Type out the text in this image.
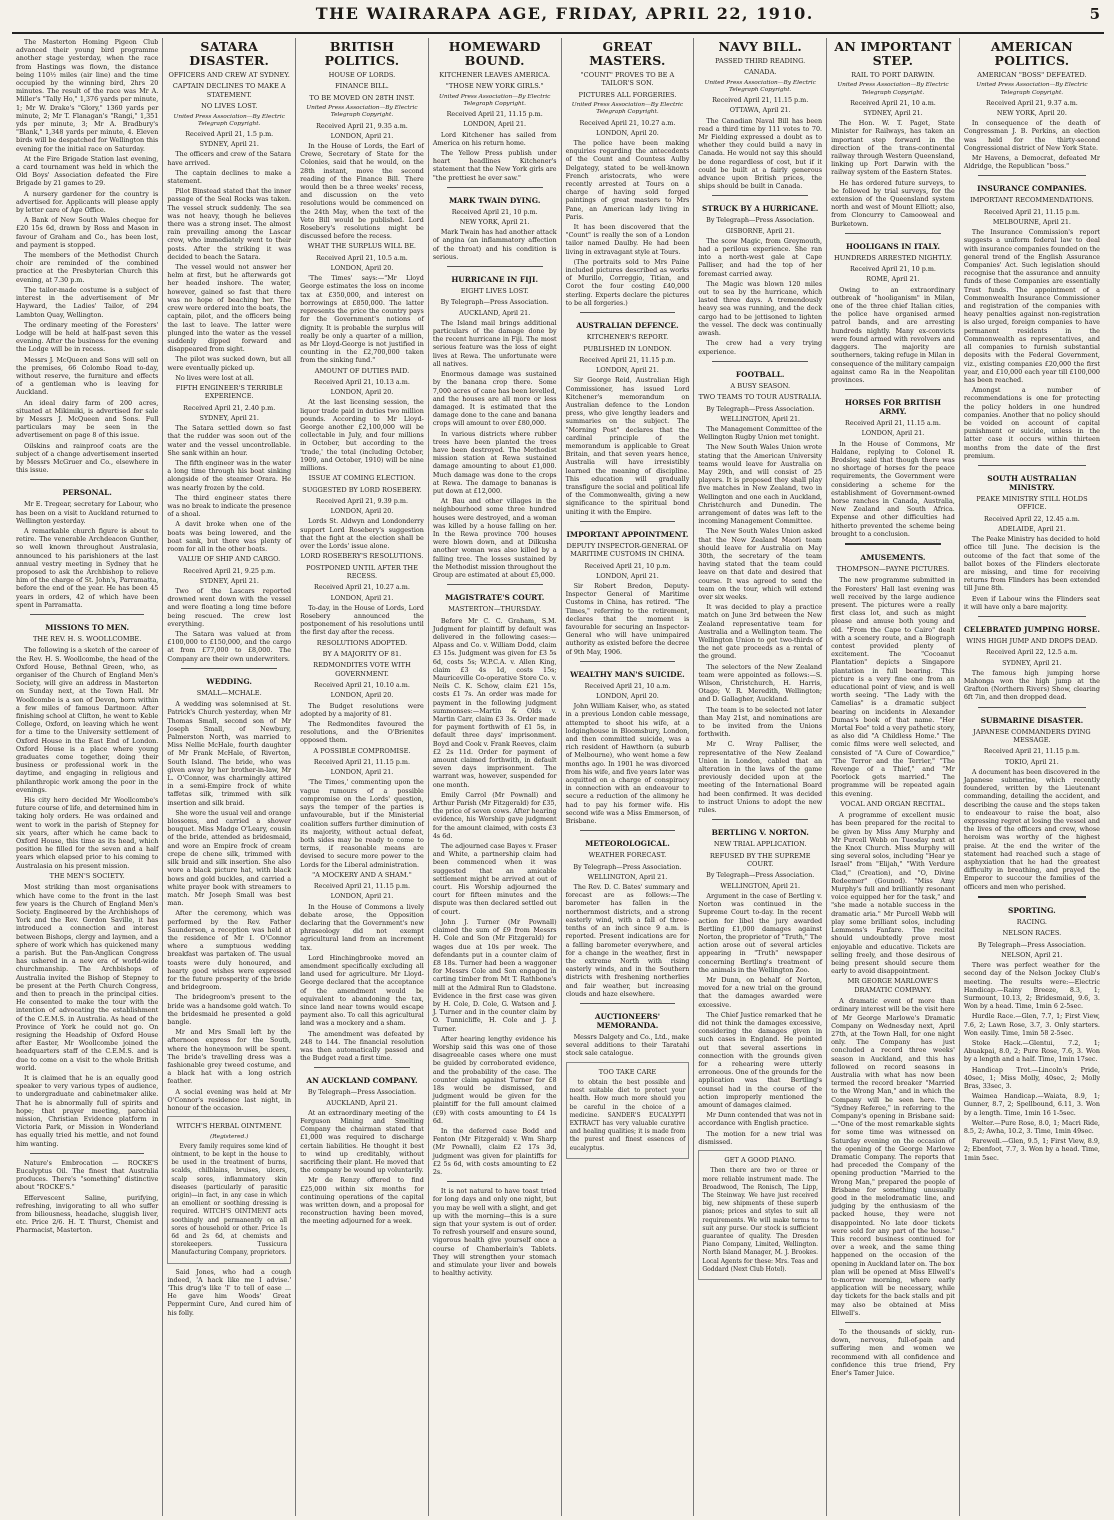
THE WAIRARAPA AGE, FRIDAY, APRIL 22, 1910.	5

The Masterton Homing Pigeon Club advanced their young bird programme another stage yesterday, when the race from Hastings was flown, the distance being 110½ miles (air line) and the time occupied by the winning bird, 2hrs 20 minutes. The result of the race was Mr A. Miller's "Tally Ho," 1,376 yards per minute, 1; Mr W. Drake's "Glory," 1360 yards per minute, 2; Mr T. Flanagan's "Rangi," 1,351 yds per minute, 3; Mr A. Bradbury's "Blank," 1,348 yards per minute, 4. Eleven birds will be despatched for Wellington this evening for the initial race on Saturday.

At the Fire Brigade Station last evening, a card tournament was held in which the Old Boys' Association defeated the Fire Brigade by 21 games to 29.

A nursery gardener for the country is advertised for. Applicants will please apply by letter care of Age Office.

A Bank of New South Wales cheque for £20 15s 6d, drawn by Ross and Mason in favour of Graham and Co., has been lost, and payment is stopped.

The members of the Methodist Church choir are reminded of the combined practice at the Presbyterian Church this evening, at 7.30 p.m.

The tailor-made costume is a subject of interest in the advertisement of Mr Hayward, the Ladies' Tailor, of 294 Lambton Quay, Wellington.

The ordinary meeting of the Foresters' Lodge will be held at half-past seven this evening. After the business for the evening the Lodge will be in recess.

Messrs J. McQueen and Sons will sell on the premises, 66 Colombo Road to-day, without reserve, the furniture and effects of a gentleman who is leaving for Auckland.

An ideal dairy farm of 200 acres, situated at Mikimiki, is advertised for sale by Messrs J. McQueen and Sons. Full particulars may be seen in the advertisement on page 8 of this issue.

Oilskins and rainproof coats are the subject of a change advertisement inserted by Messrs McGruer and Co., elsewhere in this issue.

PERSONAL.

Mr E. Tregear, secretary for Labour, who has been on a visit to Auckland returned to Wellington yesterday.

A remarkable church figure is about to retire. The venerable Archdeacon Gunther, so well known throughout Australasia, announced to his parishioners at the last annual vestry meeting in Sydney that he proposed to ask the Archbishop to relieve him of the charge of St. John's, Parramatta, before the end of the year. He has been 45 years in orders, 42 of which have been spent in Parramatta.

MISSIONS TO MEN.
THE REV. H. S. WOOLLCOMBE.

The following is a sketch of the career of the Rev. H. S. Woollcombe, the head of the Oxford House, Bethnal Green, who, as organiser of the Church of England Men's Society, will give an address in Masterton on Sunday next, at the Town Hall. Mr Woollcombe is a son of Devon, born within a few miles of famous Dartmoor. After finishing school at Clifton, he went to Keble College, Oxford, on leaving which he went for a time to the University settlement of Oxford House in the East End of London. Oxford House is a place where young graduates come together, doing their business or professional work in the daytime, and engaging in religious and philanthropic work among the poor in the evenings.

His city hero decided Mr Woollcombe's future course of life, and determined him in taking holy orders. He was ordained and went to work in the parish of Stepney for six years, after which he came back to Oxford House, this time as its head, which position he filled for the seven and a half years which elapsed prior to his coming to Australasia on his present mission.

THE MEN'S SOCIETY.

Most striking than most organisations which have come to the front in the last few years is the Church of England Men's Society. Engineered by the Archbishops of York and the Rev. Gordon Saville, it has introduced a connection and interest between Bishops, clergy and laymen, and a sphere of work which has quickened many a parish. But the Pan-Anglican Congress has ushered in a new era of world-wide churchmanship. The Archbishops of Australia invited the Bishop of Stepney to be present at the Perth Church Congress, and then to preach in the principal cities. He consented to make the tour with the intention of advocating the establishment of the C.E.M.S. in Australia. As head of the Province of York he could not go. On resigning the Headship of Oxford House after Easter, Mr Woollcombe joined the headquarters staff of the C.E.M.S. and is due to come on a visit to the whole British world.

It is claimed that he is an equally good speaker to very various types of audience, to undergraduate and cabinetmaker alike. That he is abnormally full of spirits and hope; that prayer meeting, parochial mission, Christian Evidence platform in Victoria Park, or Mission in Wonderland has equally tried his mettle, and not found him wanting.

Nature's Embrocation — ROCKE'S Eucalyptus Oil. The finest that Australia produces. There's "something" distinctive about "ROCKE'S."

Effervescent Saline, purifying, refreshing, invigorating to all who suffer from biliousness, headache, sluggish liver, etc. Price 2/6. H. T. Thurst, Chemist and Pharmacist, Masterton.

SATARA DISASTER.
OFFICERS AND CREW AT SYDNEY.
CAPTAIN DECLINES TO MAKE A STATEMENT.
NO LIVES LOST.
United Press Association—By Electric Telegraph Copyright.
Received April 21, 1.5 p.m.
SYDNEY, April 21.

The officers and crew of the Satara have arrived.

The captain declines to make a statement.

Pilot Binstead stated that the inner passage of the Seal Rocks was taken. The vessel struck suddenly. The sea was not heavy, though he believes there was a strong inset. The almost rain prevailing among the Lascar crew, who immediately went to their posts. After the striking it was decided to beach the Satara.

The vessel would not answer her helm at first, but he afterwards got her headed inshore. The water, however, gained so fast that there was no hope of beaching her. The crew were ordered into the boats, the captain, pilot, and the officers being the last to leave. The latter were plunged into the water as the vessel suddenly dipped forward and disappeared from sight.

The pilot was sucked down, but all were eventually picked up.

No lives were lost at all.

FIFTH ENGINEER'S TERRIBLE EXPERIENCE.
Received April 21, 2.40 p.m.
SYDNEY, April 21.

The Satara settled down so fast that the rudder was soon out of the water and the vessel uncontrollable. She sank within an hour.

The fifth engineer was in the water a long time through his boat sinking alongside of the steamer Orara. He was nearly frozen by the cold.

The third engineer states there was no break to indicate the presence of a shoal.

A davit broke when one of the boats was being lowered, and the boat sank, but there was plenty of room for all in the other boats.

VALUE OF SHIP AND CARGO.
Received April 21, 9.25 p.m.
SYDNEY, April 21.

Two of the Lascars reported drowned went down with the vessel and were floating a long time before being rescued. The crew lost everything.

The Satara was valued at from £100,000 to £150,000, and the cargo at from £77,000 to £8,000. The Company are their own underwriters.

WEDDING.
SMALL—MCHALE.

A wedding was solemnised at St. Patrick's Church yesterday, when Mr Thomas Small, second son of Mr Joseph Small, of Newbury, Palmerston North, was married to Miss Nellie McHale, fourth daughter of Mr Frank McHale, of Riverton, South Island. The bride, who was given away by her brother-in-law, Mr L. O'Connor, was charmingly attired in a semi-Empire frock of white taffetas silk, trimmed with silk insertion and silk braid.

She wore the usual veil and orange blossoms, and carried a shower bouquet. Miss Madge O'Leary, cousin of the bride, attended as bridesmaid, and wore an Empire frock of cream crepe de chene silk, trimmed with silk braid and silk insertion. She also wore a black picture hat, with black bows and gold buckles, and carried a white prayer book with streamers to match. Mr Joseph Small was best man.

After the ceremony, which was performed by the Rev. Father Saunderson, a reception was held at the residence of Mr I. O'Connor where a sumptuous wedding breakfast was partaken of. The usual toasts were duly honoured, and hearty good wishes were expressed for the future prosperity of the bride and bridegroom.

The bridegroom's present to the bride was a handsome gold watch. To the bridesmaid he presented a gold bangle.

Mr and Mrs Small left by the afternoon express for the South, where the honeymoon will be spent. The bride's travelling dress was a fashionable grey tweed costume, and a black hat with a long ostrich feather.

A social evening was held at Mr O'Connor's residence last night, in honour of the occasion.

WITCH'S HERBAL OINTMENT.
(Registered.)

Every family requires some kind of ointment, to be kept in the house to be used in the treatment of burns, scalds, chilblains, bruises, ulcers, scalp sores, inflammatory skin diseases (particularly of parasitic origin)—in fact, in any case in which an emollient or soothing dressing is required. WITCH'S OINTMENT acts soothingly and permanently on all sores of household or other. Price 1s 6d and 2s 6d, at chemists and storekeepers. Tussicura Manufacturing Company, proprietors.

Said Jones, who had a cough indeed, 'A hack like me I advise.' 'This drug's like 'I' to tell of ease ... He gave him Woods' Great Peppermint Cure, And cured him of his folly.

BRITISH POLITICS.
HOUSE OF LORDS.
FINANCE BILL.
TO BE MOVED ON 28TH INST.
United Press Association—By Electric Telegraph Copyright.
Received April 21, 9.35 a.m.
LONDON, April 21.

In the House of Lords, the Earl of Crewe, Secretary of State for the Colonies, said that he would, on the 28th instant, move the second reading of the Finance Bill. There would then be a three weeks' recess, and discussion on the veto resolutions would be commenced on the 24th May, when the text of the Veto Bill would be published. Lord Rosebery's resolutions might be discussed before the recess.

WHAT THE SURPLUS WILL BE.
Received April 21, 10.5 a.m.
LONDON, April 20.

'The Times' says:—"Mr Lloyd George estimates the loss on income tax at £350,000, and interest on borrowings at £850,000. The latter represents the price the country pays for the Government's notions of dignity. It is probable the surplus will really be only a quarter of a million, as Mr Lloyd-George is not justified in counting in the £2,700,000 taken from the sinking fund."

AMOUNT OF DUTIES PAID.
Received April 21, 10.13 a.m.
LONDON, April 20.

At the last licensing session, the liquor trade paid in duties two million pounds. According to Mr Lloyd-George another £2,100,000 will be collectable in July, and four millions in October, but according to the 'trade,' the total (including October, 1909, and October, 1910) will be nine millions.

ISSUE AT COMING ELECTION.
SUGGESTED BY LORD ROSEBERY.
Received April 21, 9.39 p.m.
LONDON, April 20.

Lords St. Aldwyn and Londonderry support Lord Rosebery's suggestion that the fight at the election shall be over the Lords' issue alone.

LORD ROSEBERY'S RESOLUTIONS.
POSTPONED UNTIL AFTER THE RECESS.
Received April 21, 10.27 a.m.
LONDON, April 21.

To-day, in the House of Lords, Lord Rosebery announced the postponement of his resolutions until the first day after the recess.

RESOLUTIONS ADOPTED.
BY A MAJORITY OF 81.
REDMONDITES VOTE WITH GOVERNMENT.
Received April 21, 10.10 a.m.
LONDON, April 20.

The Budget resolutions were adopted by a majority of 81.

The Redmondites favoured the resolutions, and the O'Brienites opposed them.

A POSSIBLE COMPROMISE.
Received April 21, 11.15 p.m.
LONDON, April 21.

'The Times,' commenting upon the vague rumours of a possible compromise on the Lords' question, says the temper of the parties is unfavourable, but if the Ministerial coalition suffers further diminution of its majority, without actual defeat, both sides may be ready to come to terms, if reasonable means are devised to secure more power to the Lords for the Liberal administration.

"A MOCKERY AND A SHAM."
Received April 21, 11.15 p.m.
LONDON, April 21.

In the House of Commons a lively debate arose, the Opposition declaring that the Government's new phraseology did not exempt agricultural land from an increment tax.

Lord Hinchingbrooke moved an amendment specifically excluding all land used for agriculture. Mr Lloyd-George declared that the acceptance of the amendment would be equivalent to abandoning the tax, since land near towns would escape payment also. To call this agricultural land was a mockery and a sham.

The amendment was defeated by 248 to 144. The financial resolution was then automatically passed and the Budget read a first time.

AN AUCKLAND COMPANY.
By Telegraph—Press Association.
AUCKLAND, April 21.

At an extraordinary meeting of the Ferguson Mining and Smelting Company the chairman stated that £1,000 was required to discharge certain liabilities. He thought it best to wind up creditably, without sacrificing their plant. He moved that the company be wound up voluntarily.

Mr de Renzy offered to find £25,000 within six months for continuing operations of the capital was written down, and a proposal for reconstruction having been moved, the meeting adjourned for a week.

HOMEWARD BOUND.
KITCHENER LEAVES AMERICA.
"THOSE NEW YORK GIRLS."
United Press Association—By Electric Telegraph Copyright.
Received April 21, 11.15 p.m.
LONDON, April 21.

Lord Kitchener has sailed from America on his return home.

The Yellow Press publish under heart headlines Kitchener's statement that the New York girls are "the prettiest he ever saw."

MARK TWAIN DYING.
Received April 21, 10 p.m.
NEW YORK, April 21.

Mark Twain has had another attack of angina (an inflammatory affection of the throat) and his condition is serious.

HURRICANE IN FIJI.
EIGHT LIVES LOST.
By Telegraph—Press Association.
AUCKLAND, April 21.

The Island mail brings additional particulars of the damage done by the recent hurricane in Fiji. The most serious feature was the loss of eight lives at Rewa. The unfortunate were all natives.

Enormous damage was sustained by the banana crop there. Some 7,000 acres of cane has been levelled, and the houses are all more or less damaged. It is estimated that the damage done to the cane and banana crops will amount to over £80,000.

In various districts where rubber trees have been planted the trees have been destroyed. The Methodist mission station at Rewa sustained damage amounting to about £1,000. Much damage was done to the crops at Rewa. The damage to bananas is put down at £12,000.

At Bau and other villages in the neighbourhood some three hundred houses were destroyed, and a woman was killed by a house falling on her. In the Rewa province 700 houses were blown down, and at Dilkusha another woman was also killed by a falling tree. The losses sustained by the Methodist mission throughout the Group are estimated at about £5,000.

MAGISTRATE'S COURT.
MASTERTON—THURSDAY.

Before Mr C. C. Graham, S.M. Judgment for plaintiff by default was delivered in the following cases:—Alpass and Co. v. William Dodd, claim £3 15s. Judgment was given for £3 5s 6d, costs 5s; W.P.C.A. v. Allen King, claim £3 4s 1d, costs 15s; Mauriceville Co-operative Store Co. v. Neils C. K. Schow, claim £21 15s, costs £1 7s. An order was made for payment in the following judgment summonses:—Martin & Olds v. Martin Carr, claim £3 3s. Order made for payment forthwith of £1 5s, in default three days' imprisonment. Boyd and Cook v. Frank Reeves, claim £2 2s 11d. Order for payment of amount claimed forthwith, in default seven days imprisonment. The warrant was, however, suspended for one month.

Emily Carrol (Mr Pownall) and Arthur Parish (Mr Fitzgerald) for £35, the price of seven cows. After hearing evidence, his Worship gave judgment for the amount claimed, with costs £3 4s 6d.

The adjourned case Bayes v. Fraser and White, a partnership claim had been commenced when it was suggested that an amicable settlement might be arrived at out of court. His Worship adjourned the court for fifteen minutes and the dispute was then declared settled out of court.

John J. Turner (Mr Pownall) claimed the sum of £9 from Messrs H. Cole and Son (Mr Fitzgerald) for wages due at 10s per week. The defendants put in a counter claim of £8 18s. Turner had been a waggoner for Messrs Cole and Son engaged in carting timber from Mt T. Rathbone's mill at the Admiral Run to Gladstone. Evidence in the first case was given by H. Cole, D. Cole, G. Watson and J. J. Turner and in the counter claim by O. Tunnicliffe, H. Cole and J. J. Turner.

After hearing lengthy evidence his Worship said this was one of those disagreeable cases where one must be guided by corroborated evidence, and the probability of the case. The counter claim against Turner for £8 18s would be dismissed, and judgment would be given for the plaintiff for the full amount claimed (£9) with costs amounting to £4 1s 6d.

In the deferred case Bodd and Fenton (Mr Fitzgerald) v. Wm Sharp (Mr Pownall), claim £2 17s 3d, judgment was given for plaintiffs for £2 5s 6d, with costs amounting to £2 2s.

It is not natural to have toast tried for long days and only one night, but you may be well with a slight, and get up with the morning—this is a sure sign that your system is out of order. To refresh yourself and ensure sound, vigorous health give yourself once a course of Chamberlain's Tablets. They will strengthen your stomach and stimulate your liver and bowels to healthy activity.

GREAT MASTERS.
"COUNT" PROVES TO BE A TAILOR'S SON.
PICTURES ALL FORGERIES.
United Press Association—By Electric Telegraph Copyright.
Received April 21, 10.27 a.m.
LONDON, April 20.

The police have been making enquiries regarding the antecedents of the Count and Countess Aulby Delgategy, stated to be well-known French aristocrats, who were recently arrested at Tours on a charge of having sold forged paintings of great masters to Mrs Pane, an American lady living in Paris.

It has been discovered that the "Count" is really the son of a London tailor named Daulby. He had been living in extravagant style at Tours.

(The portraits sold to Mrs Paine included pictures described as works of Murillo, Correggio, Titian, and Corot the four costing £40,000 sterling. Experts declare the pictures to be all forgeries.)

AUSTRALIAN DEFENCE.
KITCHENER'S REPORT.
PUBLISHED IN LONDON.
Received April 21, 11.15 p.m.
LONDON, April 21.

Sir George Reid, Australian High Commissioner, has issued Lord Kitchener's memorandum on Australian defence to the London press, who give lengthy leaders and summaries on the subject. The "Morning Post" declares that the cardinal principle of the memorandum is applicable to Great Britain, and that seven years hence, Australia will have irresistibly learned the meaning of discipline. This education will gradually transfigure the social and political life of the Commonwealth, giving a new significance to the spiritual bond uniting it with the Empire.

IMPORTANT APPOINTMENT.
DEPUTY INSPECTOR-GENERAL OF MARITIME CUSTOMS IN CHINA.
Received April 21, 10 p.m.
LONDON, April 21.

Sir Robert Bredon, Deputy-Inspector General of Maritime Customs in China, has retired. "The Times," referring to the retirement, declares that the moment is favourable for securing an Inspector-General who will have unimpaired authority as existed before the decree of 9th May, 1906.

WEALTHY MAN'S SUICIDE.
Received April 21, 10 a.m.
LONDON, April 20.

John William Kaiser, who, as stated in a previous London cable message, attempted to shoot his wife, at a lodginghouse in Bloomsbury, London, and then committed suicide, was a rich resident of Hawthorn (a suburb of Melbourne), who went home a few months ago. In 1901 he was divorced from his wife, and five years later was acquitted on a charge of conspiracy in connection with an endeavour to secure a reduction of the alimony he had to pay his former wife. His second wife was a Miss Emmerson, of Brisbane.

METEOROLOGICAL.
WEATHER FORECAST.
By Telegraph—Press Association.
WELLINGTON, April 21.

The Rev. D. C. Bates' summary and forecast are as follows:—The barometer has fallen in the northernmost districts, and a strong easterly wind, with a fall of three-tenths of an inch since 9 a.m. is reported. Present indications are for a falling barometer everywhere, and for a change in the weather, first in the extreme North with rising easterly winds, and in the Southern districts with freshening northerlies and fair weather, but increasing clouds and haze elsewhere.

AUCTIONEERS' MEMORANDA.

Messrs Dalgety and Co., Ltd., make several additions to their Taratahi stock sale catalogue.

TOO TAKE CARE

to obtain the best possible and most suitable diet to protect your health. How much more should you be careful in the choice of a medicine. SANDER'S EUCALYPTI EXTRACT has very valuable curative and healing qualities; it is made from the purest and finest essences of eucalyptus.

NAVY BILL.
PASSED THIRD READING.
CANADA.
United Press Association—By Electric Telegraph Copyright.
Received April 21, 11.15 p.m.
OTTAWA, April 21.

The Canadian Naval Bill has been read a third time by 111 votes to 70. Mr Fielding expressed a doubt as to whether they could build a navy in Canada. He would not say this should be done regardless of cost, but if it could be built at a fairly generous advance upon British prices, the ships should be built in Canada.

STRUCK BY A HURRICANE.
By Telegraph—Press Association.
GISBORNE, April 21.

The scow Magic, from Greymouth, had a perilous experience. She ran into a north-west gale at Cape Palliser, and had the top of her foremast carried away.

The Magic was blown 120 miles out to sea by the hurricane, which lasted three days. A tremendously heavy sea was running, and the deck cargo had to be jettisoned to lighten the vessel. The deck was continually awash.

The crew had a very trying experience.

FOOTBALL.
A BUSY SEASON.
TWO TEAMS TO TOUR AUSTRALIA.
By Telegraph—Press Association.
WELLINGTON, April 21.

The Management Committee of the Wellington Rugby Union met tonight.

The New South Wales Union wrote stating that the American University teams would leave for Australia on May 29th, and will consist of 25 players. It is proposed they shall play five matches in New Zealand, two in Wellington and one each in Auckland, Christchurch and Dunedin. The arrangement of dates was left to the incoming Management Committee.

The New South Wales Union asked that the New Zealand Maori team should leave for Australia on May 30th, the secretary of the team having stated that the team could leave on that date and desired that course. It was agreed to send the team on the tour, which will extend over six weeks.

It was decided to play a practice match on June 3rd between the New Zealand representative team for Australia and a Wellington team. The Wellington Union to get two-thirds of the net gate proceeds as a rental of the ground.

The selectors of the New Zealand team were appointed as follows:—S. Wilson, Christchurch, H. Harris, Otago; V. R. Meredith, Wellington; and D. Gallagher, Auckland.

The team is to be selected not later than May 21st, and nominations are to be invited from the Unions forthwith.

Mr C. Wray Palliser, the representative of the New Zealand Union in London, cabled that an alteration in the laws of the game previously decided upon at the meeting of the International Board had been confirmed. It was decided to instruct Unions to adopt the new rules.

BERTLING V. NORTON.
NEW TRIAL APPLICATION.
REFUSED BY THE SUPREME COURT.
By Telegraph—Press Association.
WELLINGTON, April 21.

Argument in the case of Bertling v. Norton was continued in the Supreme Court to-day. In the recent action for libel the jury awarded Bertling £1,000 damages against Norton, the proprietor of "Truth," The action arose out of several articles appearing in "Truth" newspaper concerning Bertling's treatment of the animals in the Wellington Zoo.

Mr Dunn, on behalf of Norton, moved for a new trial on the ground that the damages awarded were excessive.

The Chief Justice remarked that he did not think the damages excessive, considering the damages given in such cases in England. He pointed out that several assertions in connection with the grounds given for a rehearing were utterly erroneous. One of the grounds for the application was that Bertling's counsel had in the course of the action improperly mentioned the amount of damages claimed.

Mr Dunn contended that was not in accordance with English practice.

The motion for a new trial was dismissed.

GET A GOOD PIANO.

Then there are two or three or more reliable instrument made. The Broadwood, The Ronisch, The Lipp, The Steinway. We have just received big, new shipments of these superb pianos; prices and styles to suit all requirements. We will make terms to suit any purse. Our stock is sufficient guarantee of quality. The Dresden Piano Company, Limited, Wellington. North Island Manager, M. J. Brookes. Local Agents for these: Mrs. Teas and Goddard (Next Club Hotel).

AN IMPORTANT STEP.
RAIL TO PORT DARWIN.
United Press Association—By Electric Telegraph Copyright.
Received April 21, 10 a.m.
SYDNEY, April 21.

The Hon. W. T. Paget, State Minister for Railways, has taken an important step forward in the direction of the trans-continental railway through Western Queensland, linking up Port Darwin with the railway system of the Eastern States.

He has ordered future surveys, to be followed by trial surveys, for the extension of the Queensland system north and west of Mount Elliott; also, from Cloncurry to Camooweal and Burketown.

HOOLIGANS IN ITALY.
HUNDREDS ARRESTED NIGHTLY.
Received April 21, 10 p.m.
ROME, April 21.

Owing to an extraordinary outbreak of "hooliganism" in Milan, one of the three chief Italian cities, the police have organised armed patrol bands, and are arresting hundreds nightly. Many ex-convicts were found armed with revolvers and daggers. The majority are southerners, taking refuge in Milan in consequence of the military campaign against camo Ra in the Neapolitan provinces.

HORSES FOR BRITISH ARMY.
Received April 21, 11.15 a.m.
LONDON, April 21.

In the House of Commons, Mr Haldane, replying to Colonel R. Brodsley, said that though there was no shortage of horses for the peace requirements, the Government were considering a scheme for the establishment of Government-owned horse ranches in Canada, Australia, New Zealand and South Africa. Expense and other difficulties had hitherto prevented the scheme being brought to a conclusion.

AMUSEMENTS.
THOMPSON—PAYNE PICTURES.

The new programme submitted in the Foresters' Hall last evening was well received by the large audience present. The pictures were a really first class lot, and such as might please and amuse both young and old. "From the Cape to Cairo" dealt with a scenery route, and a Biograph contest provided plenty of excitement. The "Cocoanut Plantation" depicts a Singapore plantation in full bearing. This picture is a very fine one from an educational point of view, and is well worth seeing. "The Lady with the Camelias" is a dramatic subject bearing on incidents in Alexander Dumas's book of that name. "Her Mortal Foe" told a very pathetic story, as also did "A Childless Home." The comic films were well selected, and consisted of "A Cure of Cowardice," "The Terror and the Terrier," "The Revenge of a Thief," and "Mr Poorlock gets married." The programme will be repeated again this evening.

VOCAL AND ORGAN RECITAL.

A programme of excellent music has been prepared for the recital to be given by Miss Amy Murphy and Mr Purcell Webb on Tuesday next at the Knox Church. Miss Murphy will sing several solos, including "Hear ye Israel" from "Elijah," "With Verdure Clad," (Creation), and "O, Divine Redeemer" (Gounod). "Miss Amy Murphy's full and brilliantly resonant voice equipped her for the task," and "she made a notable success in the dramatic aria." Mr Purcell Webb will play some brilliant solos, including Lemmens's Fanfare. The recital should undoubtedly prove most enjoyable and educative. Tickets are selling freely, and those desirous of being present should secure them early to avoid disappointment.

MR GEORGE MARLOWE'S DRAMATIC COMPANY.

A dramatic event of more than ordinary interest will be the visit here of Mr George Marlowe's Dramatic Company on Wednesday next, April 27th, at the Town Hall, for one night only. The Company has just concluded a record three weeks' season in Auckland, and this has followed on record seasons in Australia with what has now been termed the record breaker "Married to the Wrong Man," and in which the Company will be seen here. The "Sydney Referee," in referring to the Company's opening in Brisbane said:—"One of the most remarkable sights for some time was witnessed on Saturday evening on the occasion of the opening of the George Marlowe Dramatic Company. The reports that had preceded the Company of the opening production "Married to the Wrong Man," prepared the people of Brisbane for something unusually good in the melodramatic line, and judging by the enthusiasm of the packed house, they were not disappointed. No late door tickets were sold for any part of the house." This record business continued for over a week, and the same thing happened on the occasion of the opening in Auckland later on. The box plan will be opened at Miss Ellwell's to-morrow morning, where early application will be necessary, while day tickets for the back stalls and pit may also be obtained at Miss Ellwell's.

To the thousands of sickly, run-down, nervous, full-of-pain and suffering men and women we recommend with all confidence and confidence this true friend, Fry Ener's Tamer Juice.

AMERICAN POLITICS.
AMERICAN "BOSS" DEFEATED.
United Press Association—By Electric Telegraph Copyright.
Received April 21, 9.37 a.m.
NEW YORK, April 20.

In consequence of the death of Congressman J. B. Perkins, an election was held for the thirty-second Congressional district of New York State.

Mr Havens, a Democrat, defeated Mr Aldridge, the Republican "boss."

INSURANCE COMPANIES.
IMPORTANT RECOMMENDATIONS.
Received April 21, 11.15 p.m.
MELBOURNE, April 21.

The Insurance Commission's report suggests a uniform federal law to deal with insurance companies founded on the general trend of the English Assurance Companies' Act. Such legislation should recognise that the assurance and annuity funds of these Companies are essentially Trust funds. The appointment of a Commonwealth Insurance Commissioner and registration of the companies with heavy penalties against non-registration is also urged, foreign companies to have permanent residents in the Commonwealth as representatives, and all companies to furnish substantial deposits with the Federal Government, viz., existing companies £20,000 the first year, and £10,000 each year till £100,000 has been reached.

Amongst a number of recommendations is one for protecting the policy holders in one hundred companies. Another that no policy should be voided on account of capital punishment or suicide, unless in the latter case it occurs within thirteen months from the date of the first premium.

SOUTH AUSTRALIAN MINISTRY.
PEAKE MINISTRY STILL HOLDS OFFICE.
Received April 22, 12.45 a.m.
ADELAIDE, April 21.

The Peake Ministry has decided to hold office till June. The decision is the outcome of the fact that some of the ballot boxes of the Flinders electorate are missing, and time for receiving returns from Flinders has been extended till June 8th.

Even if Labour wins the Flinders seat it will have only a bare majority.

CELEBRATED JUMPING HORSE.
WINS HIGH JUMP AND DROPS DEAD.
Received April 22, 12.5 a.m.
SYDNEY, April 21.

The famous high jumping horse Mahonga won the high jump at the Grafton (Northern Rivers) Show, clearing 6ft 7in, and then dropped dead.

SUBMARINE DISASTER.
JAPANESE COMMANDERS DYING MESSAGE.
Received April 21, 11.15 p.m.
TOKIO, April 21.

A document has been discovered in the Japanese submarine, which recently foundered, written by the Lieutenant commanding, detailing the accident, and describing the cause and the steps taken to endeavour to raise the boat, also expressing regret at losing the vessel and the lives of the officers and crew, whose heroism was worthy of the highest praise. At the end the writer of the statement had reached such a stage of asphyxiation that he had the greatest difficulty in breathing, and prayed the Emperor to succour the families of the officers and men who perished.

SPORTING.
RACING.
NELSON RACES.
By Telegraph—Press Association.
NELSON, April 21.

There was perfect weather for the second day of the Nelson Jockey Club's meeting. The results were:—Electric Handicap.—Rainy Breeze, 8.3, 1; Surmount, 10.13, 2; Bridesmaid, 9.6, 3. Won by a head. Time, 1min 6 2-5sec.

Hurdle Race.—Glen, 7.7, 1; First View, 7.6, 2; Lawn Rose, 3.7, 3. Only starters. Won easily. Time, 1min 58 2-5sec.

Stoke Hack.—Glentui, 7.2, 1; Abuakpai, 8.0, 2; Pure Rose, 7.6, 3. Won by a length and a half. Time, 1min 17sec.

Handicap Trot.—Lincoln's Pride, 40sec, 1; Miss Molly, 40sec, 2; Molly Bras, 33sec, 3.

Waimea Handicap.—Waiata, 8.9, 1; Gunner, 8.7, 2; Spellbound, 6.11, 3. Won by a length. Time, 1min 16 1-5sec.

Welter.—Pure Rose, 8.0, 1; Macri Ride, 8.5, 2; Awha, 10.2, 3. Time, 1min 49sec.

Farewell.—Glen, 9.5, 1; First View, 8.9, 2; Ebenfoot, 7.7, 3. Won by a head. Time, 1min 5sec.
